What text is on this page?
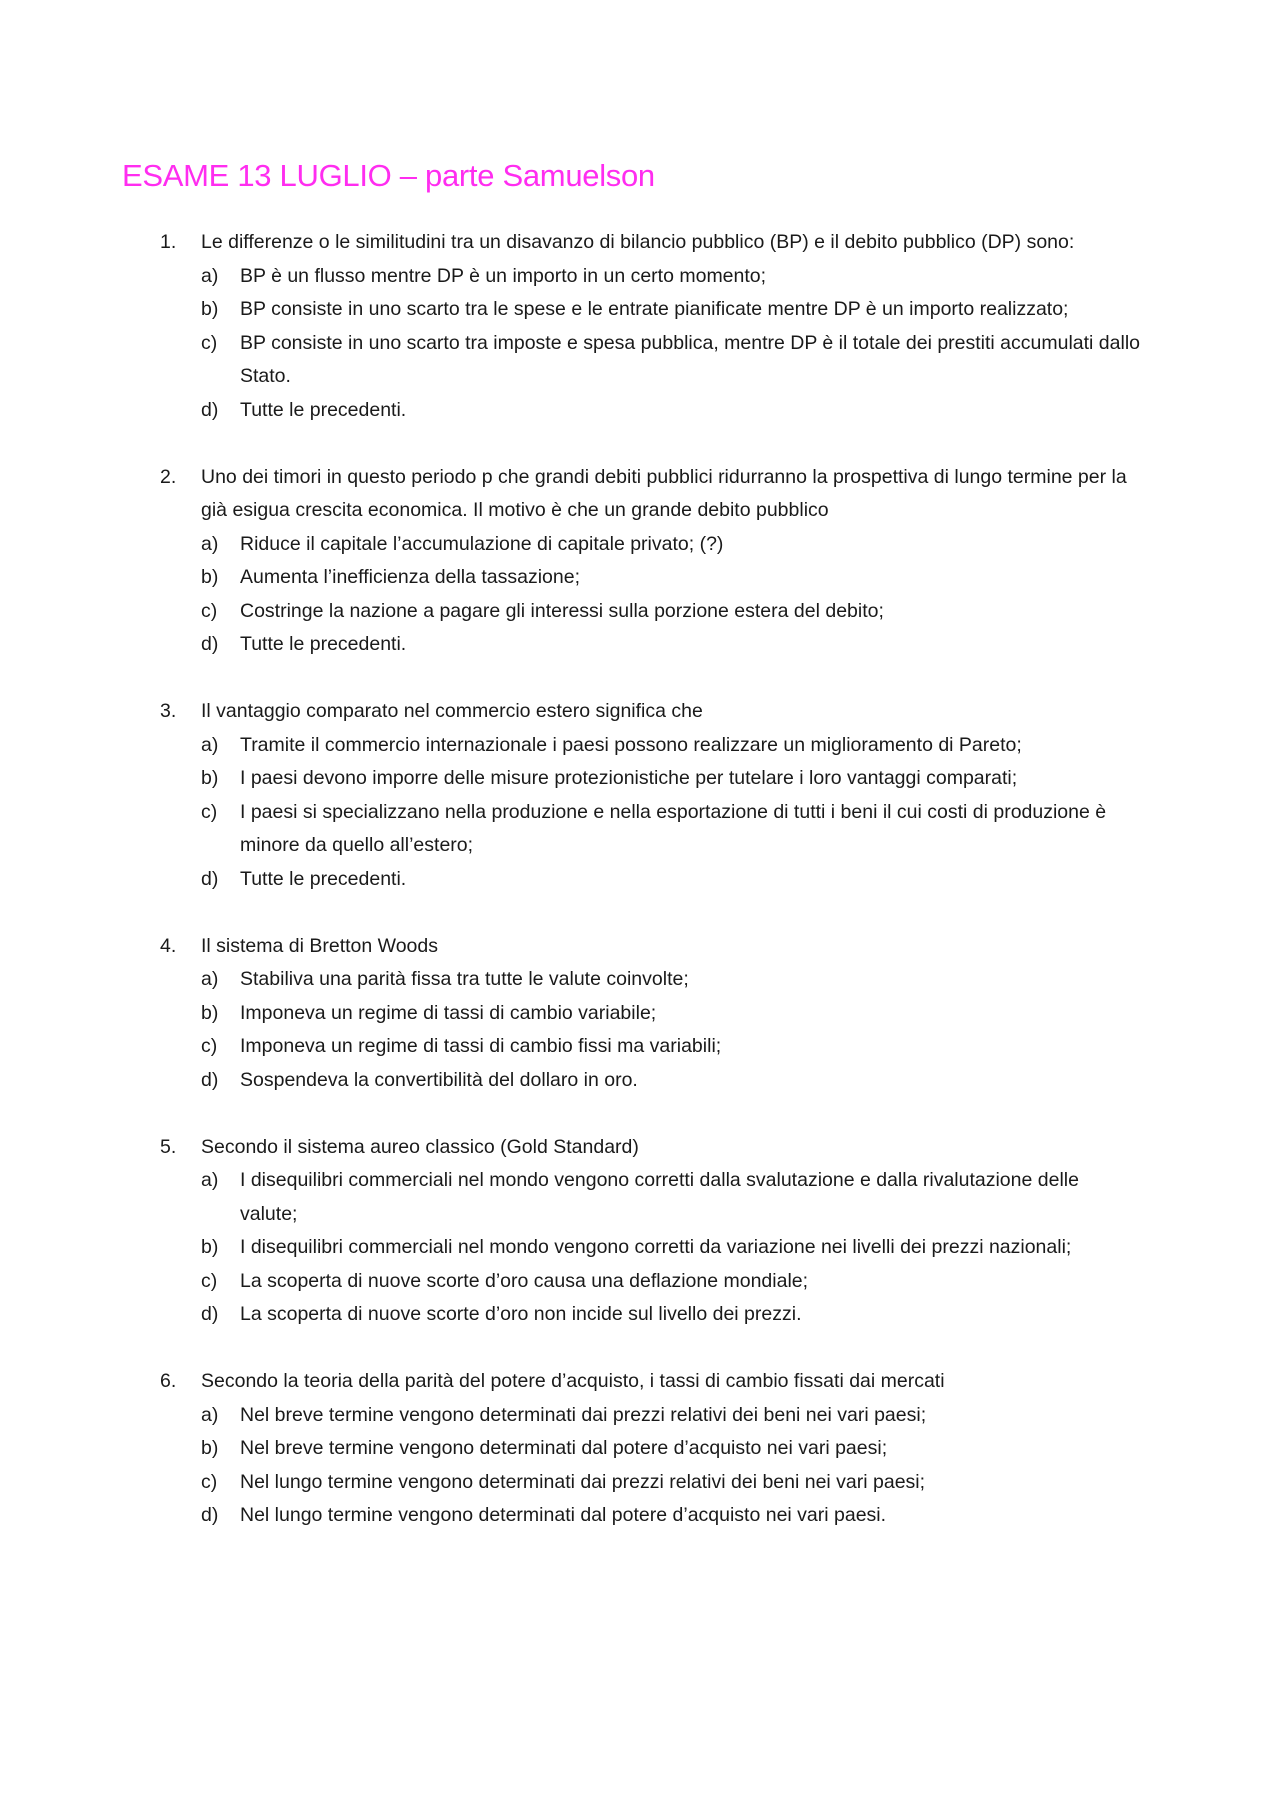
ESAME 13 LUGLIO – parte Samuelson
1. Le differenze o le similitudini tra un disavanzo di bilancio pubblico (BP) e il debito pubblico (DP) sono:
a) BP è un flusso mentre DP è un importo in un certo momento;
b) BP consiste in uno scarto tra le spese e le entrate pianificate mentre DP è un importo realizzato;
c) BP consiste in uno scarto tra imposte e spesa pubblica, mentre DP è il totale dei prestiti accumulati dallo Stato.
d) Tutte le precedenti.
2. Uno dei timori in questo periodo p che grandi debiti pubblici ridurranno la prospettiva di lungo termine per la già esigua crescita economica. Il motivo è che un grande debito pubblico
a) Riduce il capitale l’accumulazione di capitale privato; (?)
b) Aumenta l’inefficienza della tassazione;
c) Costringe la nazione a pagare gli interessi sulla porzione estera del debito;
d) Tutte le precedenti.
3. Il vantaggio comparato nel commercio estero significa che
a) Tramite il commercio internazionale i paesi possono realizzare un miglioramento di Pareto;
b) I paesi devono imporre delle misure protezionistiche per tutelare i loro vantaggi comparati;
c) I paesi si specializzano nella produzione e nella esportazione di tutti i beni il cui costi di produzione è minore da quello all’estero;
d) Tutte le precedenti.
4. Il sistema di Bretton Woods
a) Stabiliva una parità fissa tra tutte le valute coinvolte;
b) Imponeva un regime di tassi di cambio variabile;
c) Imponeva un regime di tassi di cambio fissi ma variabili;
d) Sospendeva la convertibilità del dollaro in oro.
5. Secondo il sistema aureo classico (Gold Standard)
a) I disequilibri commerciali nel mondo vengono corretti dalla svalutazione e dalla rivalutazione delle valute;
b) I disequilibri commerciali nel mondo vengono corretti da variazione nei livelli dei prezzi nazionali;
c) La scoperta di nuove scorte d’oro causa una deflazione mondiale;
d) La scoperta di nuove scorte d’oro non incide sul livello dei prezzi.
6. Secondo la teoria della parità del potere d’acquisto, i tassi di cambio fissati dai mercati
a) Nel breve termine vengono determinati dai prezzi relativi dei beni nei vari paesi;
b) Nel breve termine vengono determinati dal potere d’acquisto nei vari paesi;
c) Nel lungo termine vengono determinati dai prezzi relativi dei beni nei vari paesi;
d) Nel lungo termine vengono determinati dal potere d’acquisto nei vari paesi.
